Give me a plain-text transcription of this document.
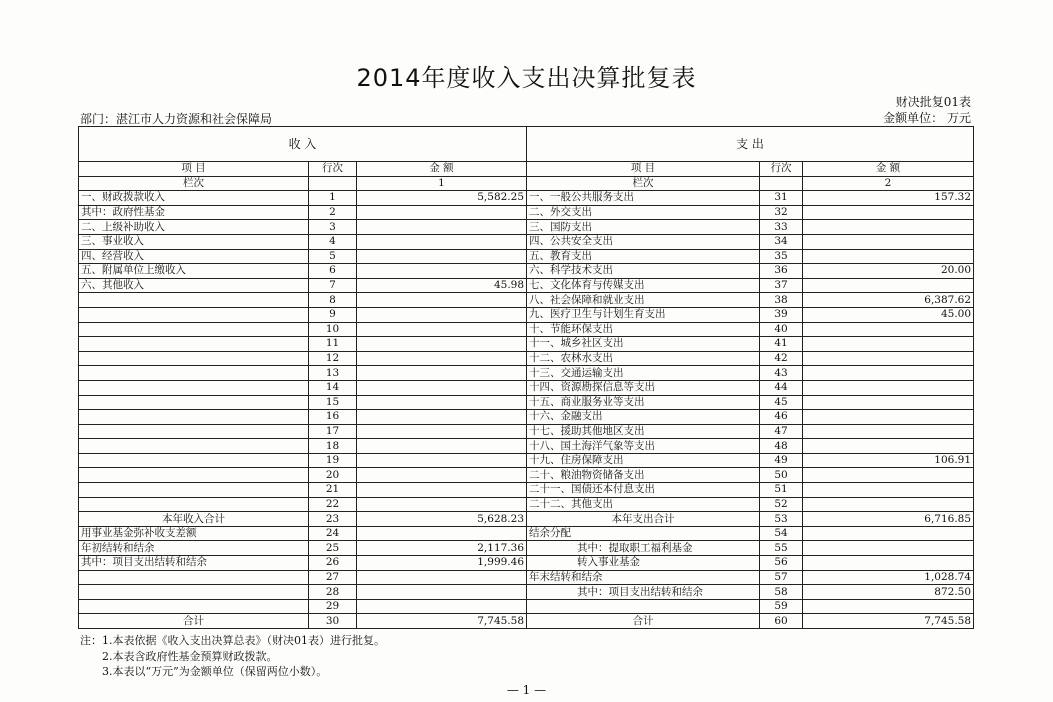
2014年度收入支出决算批复表
部门：湛江市人力资源和社会保障局
财决批复01表
金额单位： 万元
收 入			支 出		
项 目	行次	金 额	项 目	行次	金 额
栏次		1	栏次		2
一、财政拨款收入	1	5,582.25	一、一般公共服务支出	31	157.32
其中：政府性基金	2		二、外交支出	32	
二、上级补助收入	3		三、国防支出	33	
三、事业收入	4		四、公共安全支出	34	
四、经营收入	5		五、教育支出	35	
五、附属单位上缴收入	6		六、科学技术支出	36	20.00
六、其他收入	7	45.98	七、文化体育与传媒支出	37	
	8		八、社会保障和就业支出	38	6,387.62
	9		九、医疗卫生与计划生育支出	39	45.00
	10		十、节能环保支出	40	
	11		十一、城乡社区支出	41	
	12		十二、农林水支出	42	
	13		十三、交通运输支出	43	
	14		十四、资源勘探信息等支出	44	
	15		十五、商业服务业等支出	45	
	16		十六、金融支出	46	
	17		十七、援助其他地区支出	47	
	18		十八、国土海洋气象等支出	48	
	19		十九、住房保障支出	49	106.91
	20		二十、粮油物资储备支出	50	
	21		二十一、国债还本付息支出	51	
	22		二十二、其他支出	52	
本年收入合计	23	5,628.23	本年支出合计	53	6,716.85
用事业基金弥补收支差额	24		结余分配	54	
年初结转和结余	25	2,117.36	其中：提取职工福利基金	55	
其中：项目支出结转和结余	26	1,999.46	转入事业基金	56	
	27		年末结转和结余	57	1,028.74
	28		其中：项目支出结转和结余	58	872.50
	29			59	
合计	30	7,745.58	合计	60	7,745.58
注：1.本表依据《收入支出决算总表》（财决01表）进行批复。
2.本表含政府性基金预算财政拨款。
3.本表以“万元”为金额单位（保留两位小数）。
— 1 —
